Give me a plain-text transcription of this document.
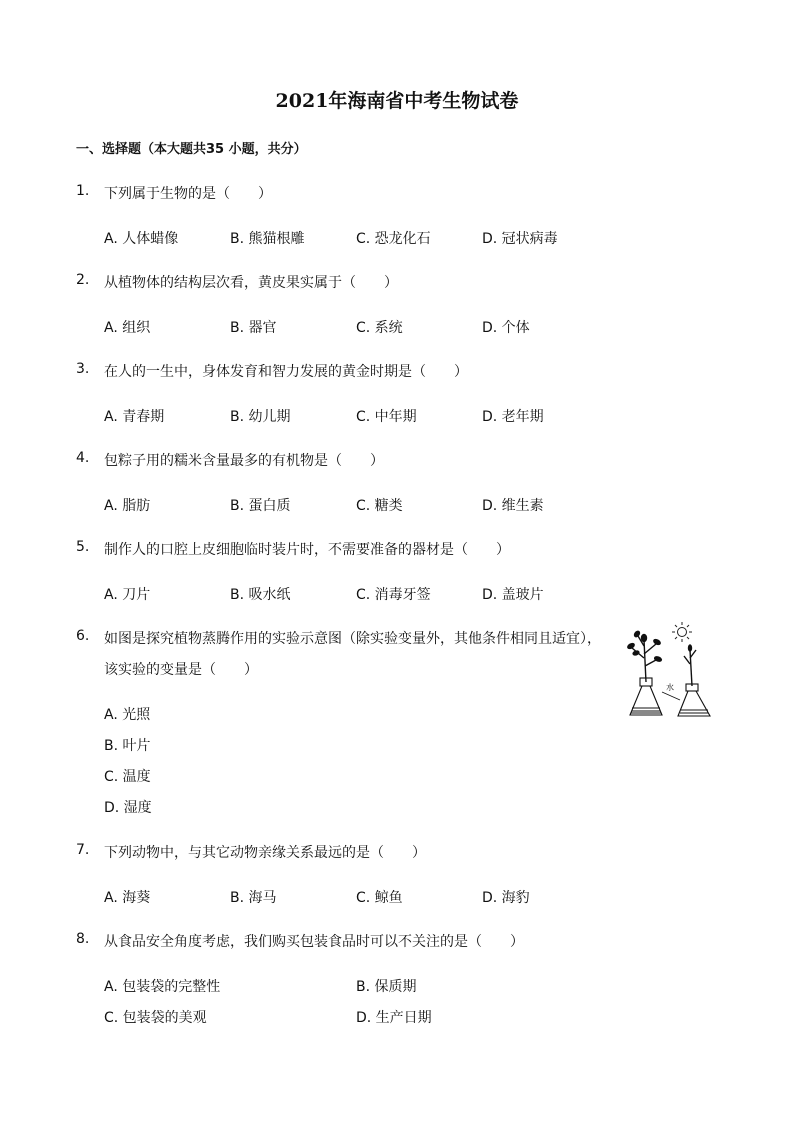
2021年海南省中考生物试卷
一、选择题（本大题共35 小题，共分）
1.	下列属于生物的是（　　）
A. 人体蜡像	B. 熊猫根雕	C. 恐龙化石	D. 冠状病毒
2.	从植物体的结构层次看，黄皮果实属于（　　）
A. 组织	B. 器官	C. 系统	D. 个体
3.	在人的一生中，身体发育和智力发展的黄金时期是（　　）
A. 青春期	B. 幼儿期	C. 中年期	D. 老年期
4.	包粽子用的糯米含量最多的有机物是（　　）
A. 脂肪	B. 蛋白质	C. 糖类	D. 维生素
5.	制作人的口腔上皮细胞临时装片时，不需要准备的器材是（　　）
A. 刀片	B. 吸水纸	C. 消毒牙签	D. 盖玻片
6.	如图是探究植物蒸腾作用的实验示意图（除实验变量外，其他条件相同且适宜），
该实验的变量是（　　）
A. 光照
B. 叶片
C. 温度
D. 湿度
水
7.	下列动物中，与其它动物亲缘关系最远的是（　　）
A. 海葵	B. 海马	C. 鲸鱼	D. 海豹
8.	从食品安全角度考虑，我们购买包装食品时可以不关注的是（　　）
A. 包装袋的完整性	B. 保质期
C. 包装袋的美观	D. 生产日期
